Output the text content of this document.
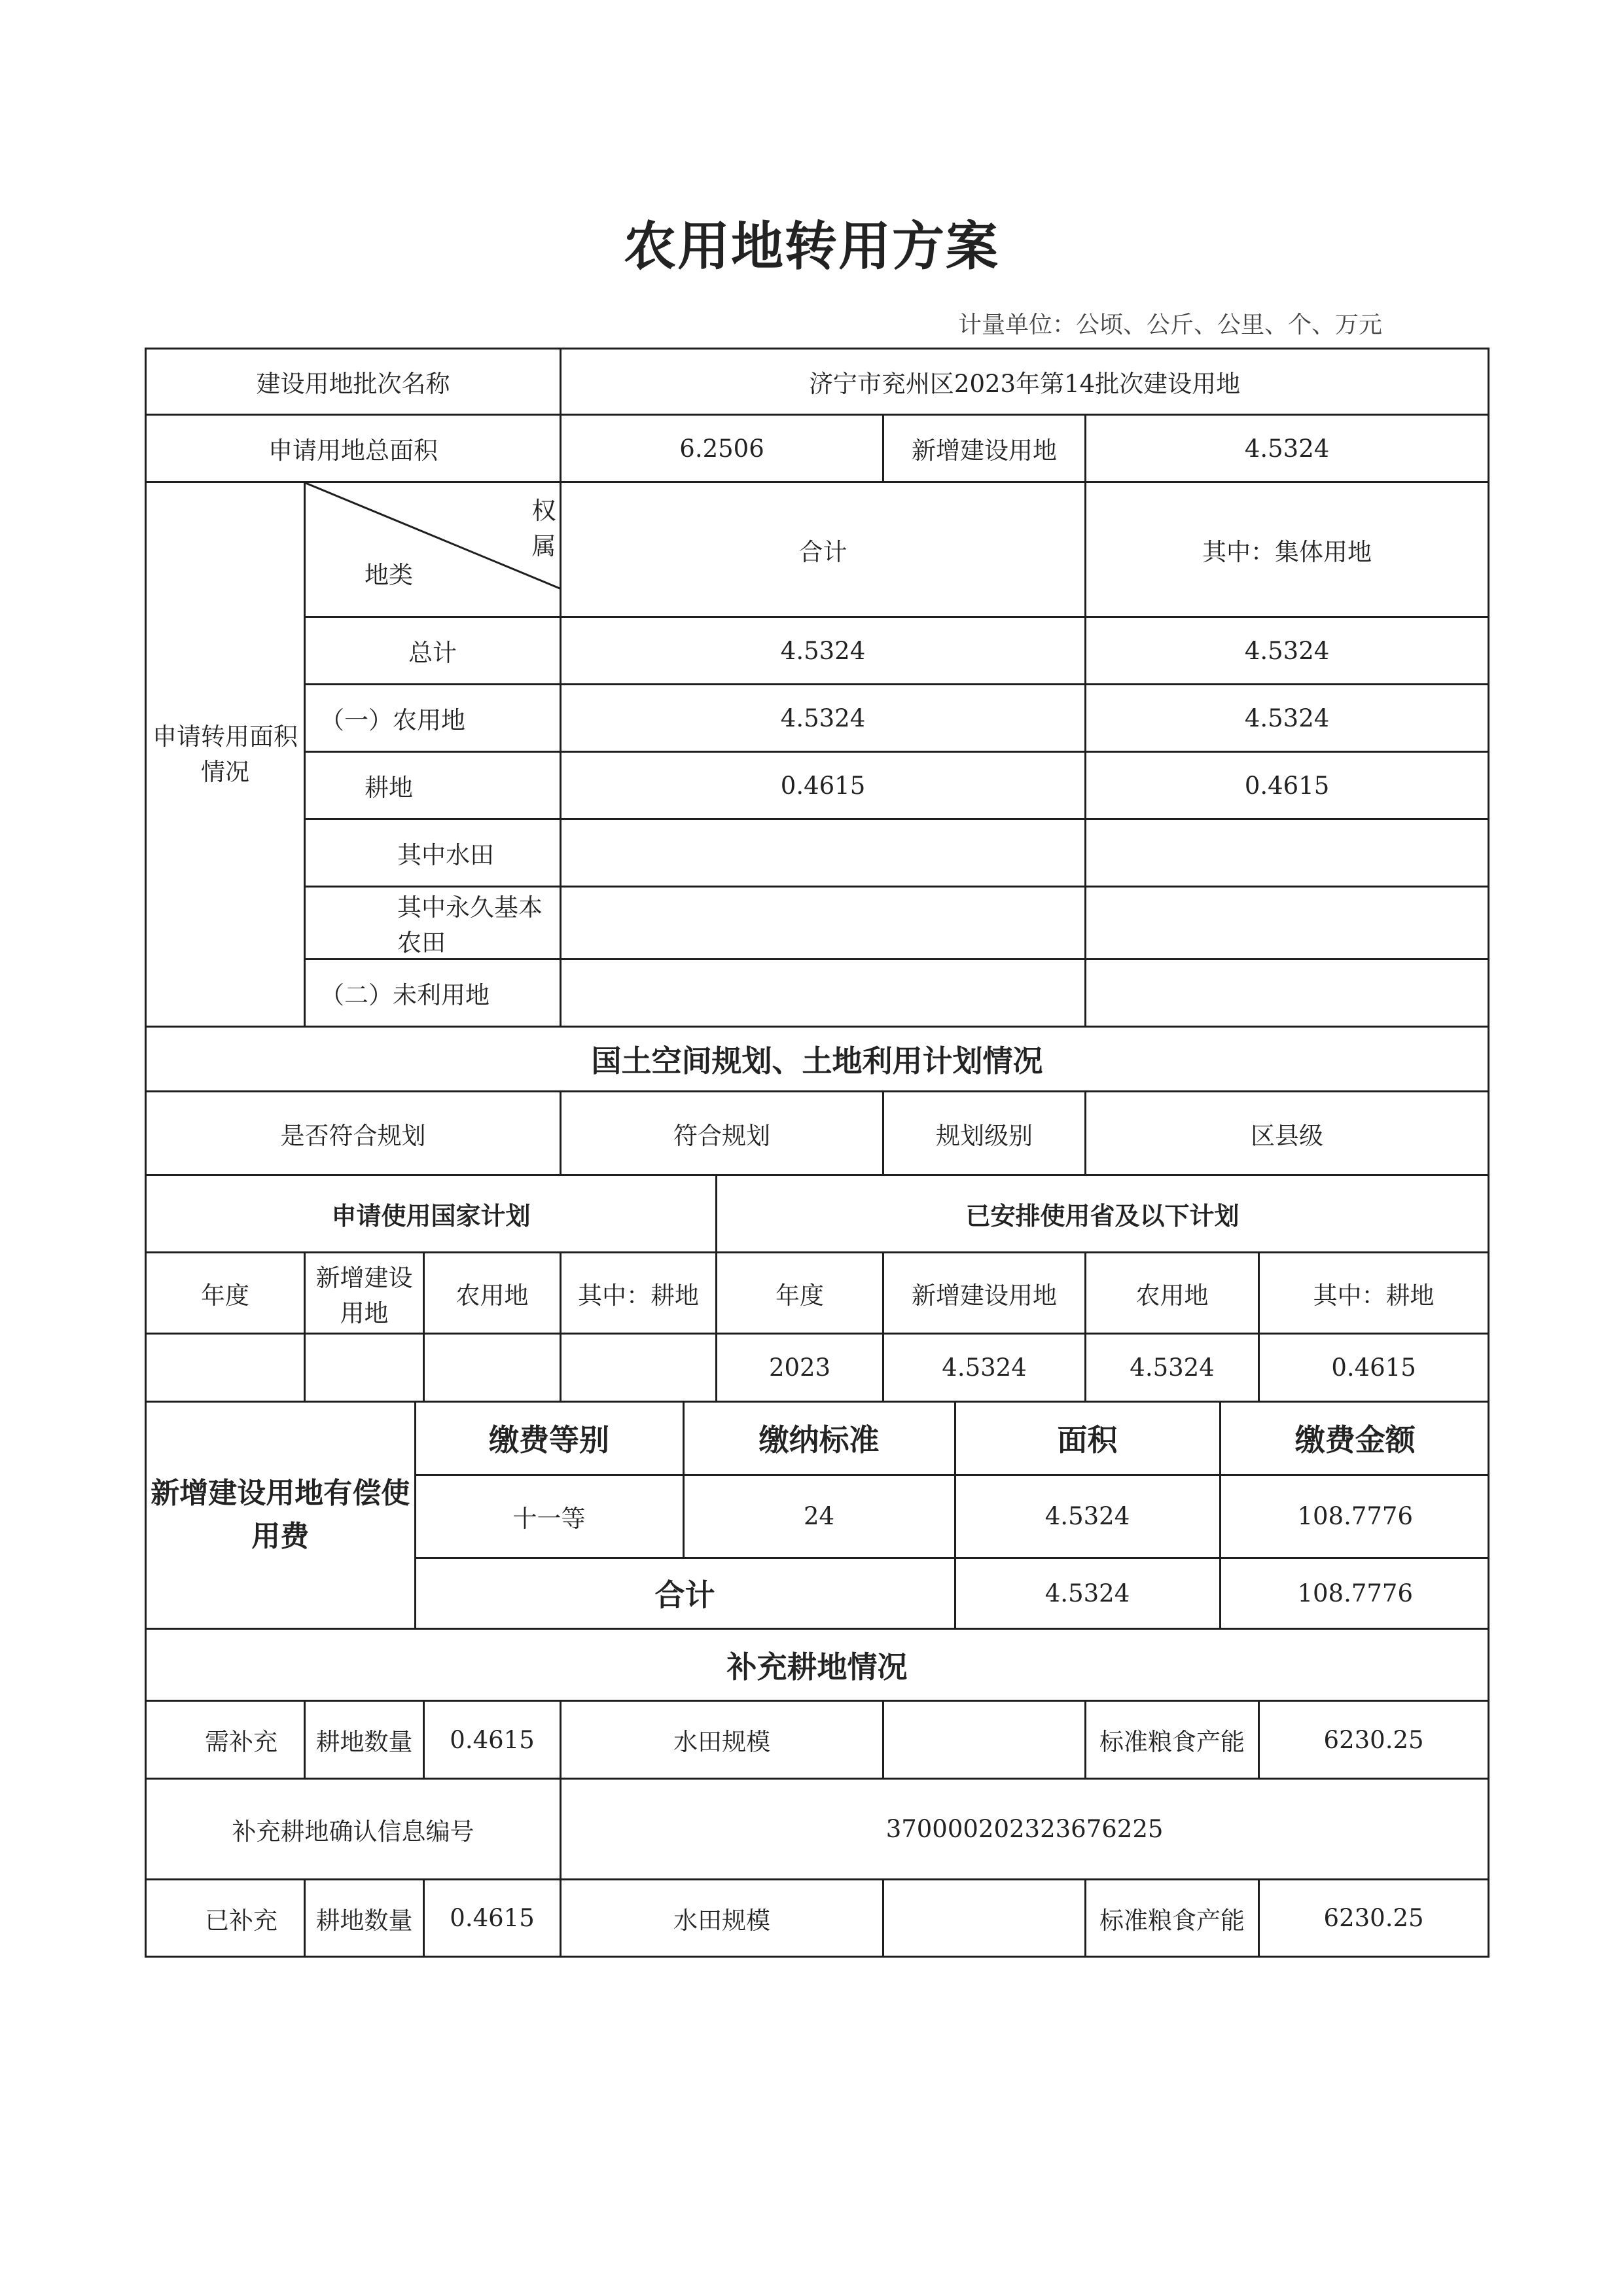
农用地转用方案
计量单位：公顷、公斤、公里、个、万元
建设用地批次名称	济宁市兖州区2023年第14批次建设用地
申请用地总面积	6.2506	新增建设用地	4.5324
申请转用面积情况	
权属
地类
	合计	其中：集体用地
总计	4.5324	4.5324
（一）农用地	4.5324	4.5324
耕地	0.4615	0.4615
其中水田		
其中永久基本农田		
（二）未利用地		
国土空间规划、土地利用计划情况
是否符合规划	符合规划	规划级别	区县级
申请使用国家计划	已安排使用省及以下计划
年度	新增建设用地	农用地	其中：耕地	年度	新增建设用地	农用地	其中：耕地
				2023	4.5324	4.5324	0.4615

新增建设用地有偿使用费	缴费等别	缴纳标准	面积	缴费金额
十一等	24	4.5324	108.7776
合计	4.5324	108.7776

补充耕地情况
需补充	耕地数量	0.4615	水田规模		标准粮食产能	6230.25
补充耕地确认信息编号	370000202323676225
已补充	耕地数量	0.4615	水田规模		标准粮食产能	6230.25
